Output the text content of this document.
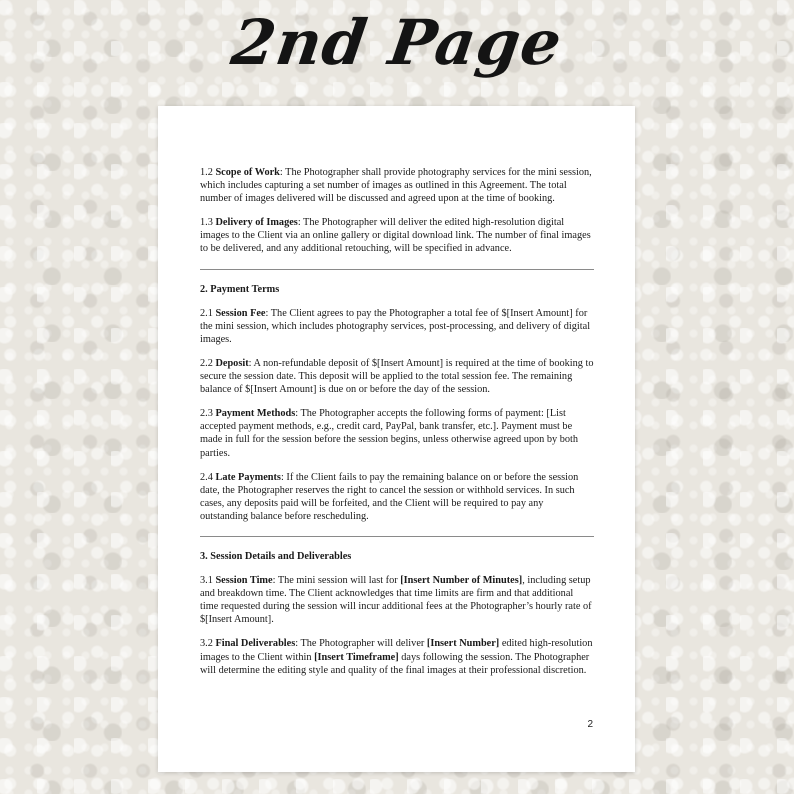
2nd Page

1.2 Scope of Work: The Photographer shall provide photography services for the mini session, which includes capturing a set number of images as outlined in this Agreement. The total number of images delivered will be discussed and agreed upon at the time of booking.

1.3 Delivery of Images: The Photographer will deliver the edited high-resolution digital images to the Client via an online gallery or digital download link. The number of final images to be delivered, and any additional retouching, will be specified in advance.

2. Payment Terms

2.1 Session Fee: The Client agrees to pay the Photographer a total fee of $[Insert Amount] for the mini session, which includes photography services, post-processing, and delivery of digital images.

2.2 Deposit: A non-refundable deposit of $[Insert Amount] is required at the time of booking to secure the session date. This deposit will be applied to the total session fee. The remaining balance of $[Insert Amount] is due on or before the day of the session.

2.3 Payment Methods: The Photographer accepts the following forms of payment: [List accepted payment methods, e.g., credit card, PayPal, bank transfer, etc.]. Payment must be made in full for the session before the session begins, unless otherwise agreed upon by both parties.

2.4 Late Payments: If the Client fails to pay the remaining balance on or before the session date, the Photographer reserves the right to cancel the session or withhold services. In such cases, any deposits paid will be forfeited, and the Client will be required to pay any outstanding balance before rescheduling.

3. Session Details and Deliverables

3.1 Session Time: The mini session will last for [Insert Number of Minutes], including setup and breakdown time. The Client acknowledges that time limits are firm and that additional time requested during the session will incur additional fees at the Photographer’s hourly rate of $[Insert Amount].

3.2 Final Deliverables: The Photographer will deliver [Insert Number] edited high-resolution images to the Client within [Insert Timeframe] days following the session. The Photographer will determine the editing style and quality of the final images at their professional discretion.

2
